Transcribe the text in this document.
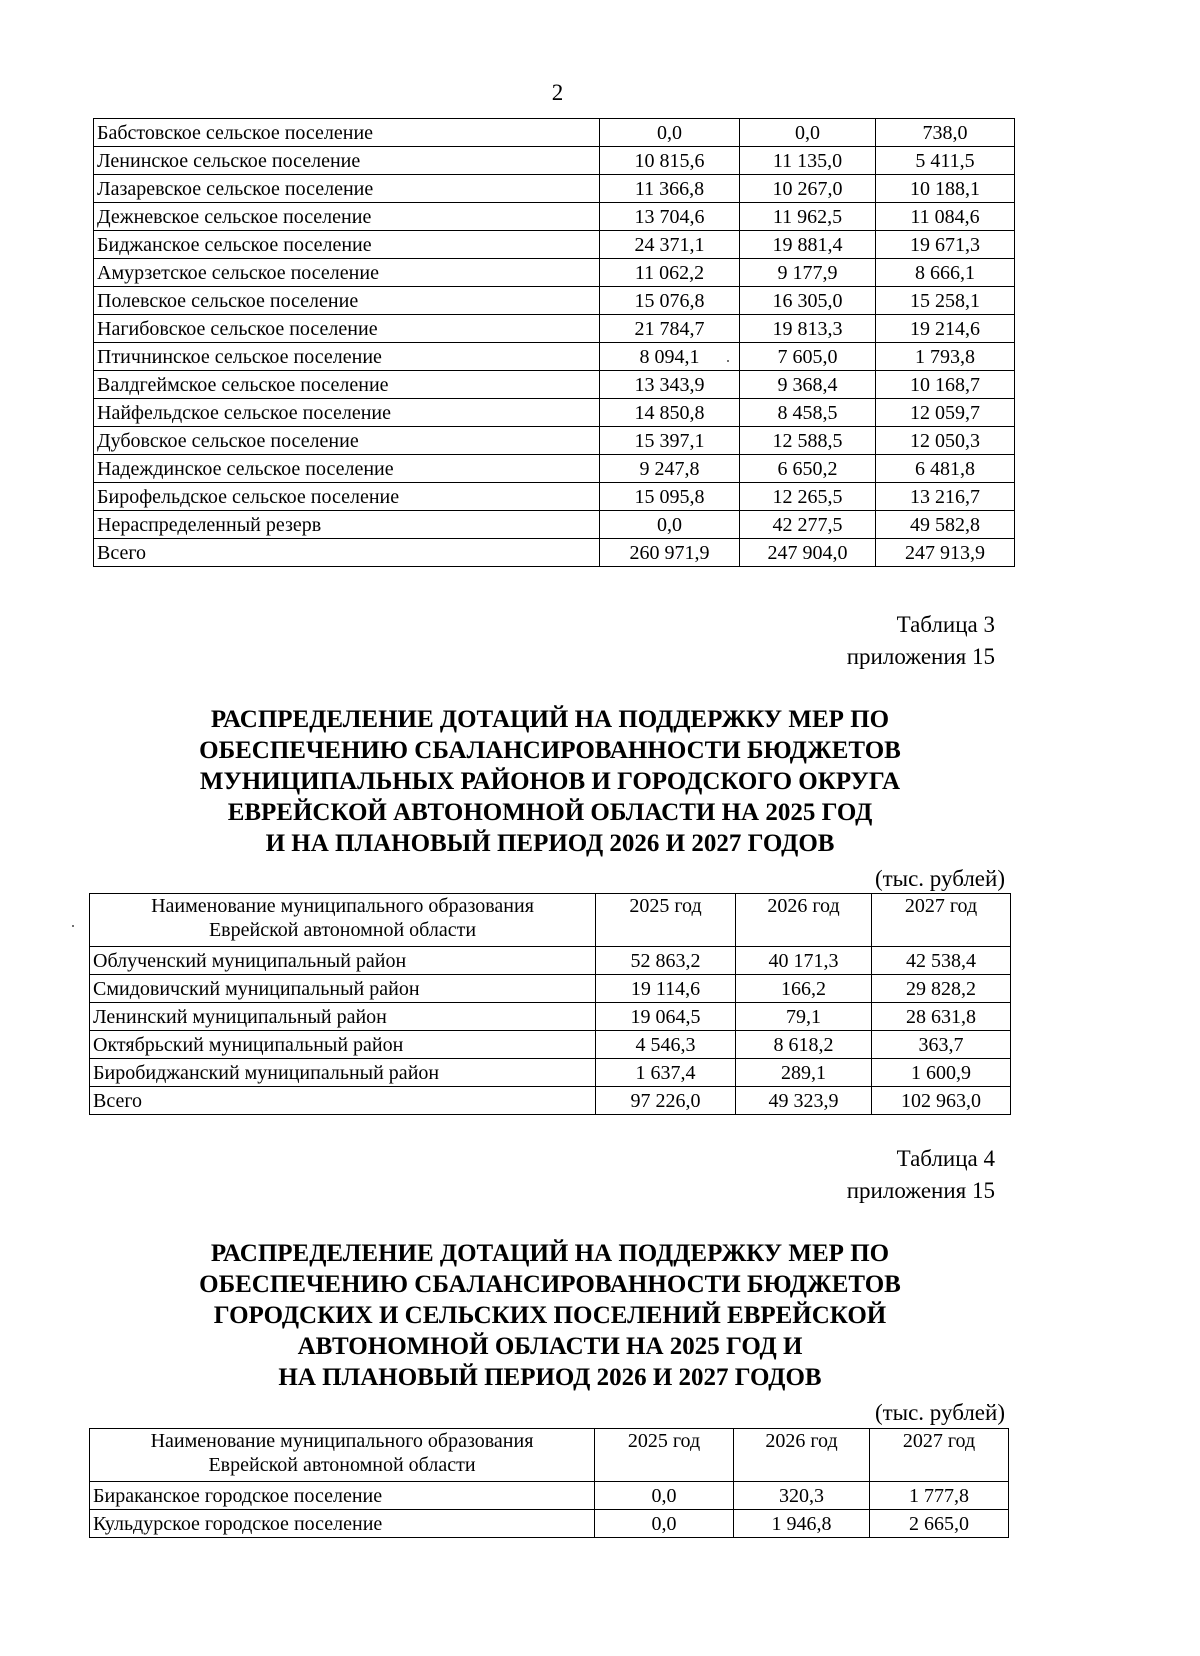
2
Бабстовское сельское поселение	0,0	0,0	738,0
Ленинское сельское поселение	10 815,6	11 135,0	5 411,5
Лазаревское сельское поселение	11 366,8	10 267,0	10 188,1
Дежневское сельское поселение	13 704,6	11 962,5	11 084,6
Биджанское сельское поселение	24 371,1	19 881,4	19 671,3
Амурзетское сельское поселение	11 062,2	9 177,9	8 666,1
Полевское сельское поселение	15 076,8	16 305,0	15 258,1
Нагибовское сельское поселение	21 784,7	19 813,3	19 214,6
Птичнинское сельское поселение	8 094,1	7 605,0	1 793,8
Валдгеймское сельское поселение	13 343,9	9 368,4	10 168,7
Найфельдское сельское поселение	14 850,8	8 458,5	12 059,7
Дубовское сельское поселение	15 397,1	12 588,5	12 050,3
Надеждинское сельское поселение	9 247,8	6 650,2	6 481,8
Бирофельдское сельское поселение	15 095,8	12 265,5	13 216,7
Нераспределенный резерв	0,0	42 277,5	49 582,8
Всего	260 971,9	247 904,0	247 913,9
Таблица 3
приложения 15
РАСПРЕДЕЛЕНИЕ ДОТАЦИЙ НА ПОДДЕРЖКУ МЕР ПО
ОБЕСПЕЧЕНИЮ СБАЛАНСИРОВАННОСТИ БЮДЖЕТОВ
МУНИЦИПАЛЬНЫХ РАЙОНОВ И ГОРОДСКОГО ОКРУГА
ЕВРЕЙСКОЙ АВТОНОМНОЙ ОБЛАСТИ НА 2025 ГОД
И НА ПЛАНОВЫЙ ПЕРИОД 2026 И 2027 ГОДОВ
(тыс. рублей)
Наименование муниципального образования
Еврейской автономной области	2025 год	2026 год	2027 год
Облученский муниципальный район	52 863,2	40 171,3	42 538,4
Смидовичский муниципальный район	19 114,6	166,2	29 828,2
Ленинский муниципальный район	19 064,5	79,1	28 631,8
Октябрьский муниципальный район	4 546,3	8 618,2	363,7
Биробиджанский муниципальный район	1 637,4	289,1	1 600,9
Всего	97 226,0	49 323,9	102 963,0
Таблица 4
приложения 15
РАСПРЕДЕЛЕНИЕ ДОТАЦИЙ НА ПОДДЕРЖКУ МЕР ПО
ОБЕСПЕЧЕНИЮ СБАЛАНСИРОВАННОСТИ БЮДЖЕТОВ
ГОРОДСКИХ И СЕЛЬСКИХ ПОСЕЛЕНИЙ ЕВРЕЙСКОЙ
АВТОНОМНОЙ ОБЛАСТИ НА 2025 ГОД И
НА ПЛАНОВЫЙ ПЕРИОД 2026 И 2027 ГОДОВ
(тыс. рублей)
Наименование муниципального образования
Еврейской автономной области	2025 год	2026 год	2027 год
Бираканское городское поселение	0,0	320,3	1 777,8
Кульдурское городское поселение	0,0	1 946,8	2 665,0
